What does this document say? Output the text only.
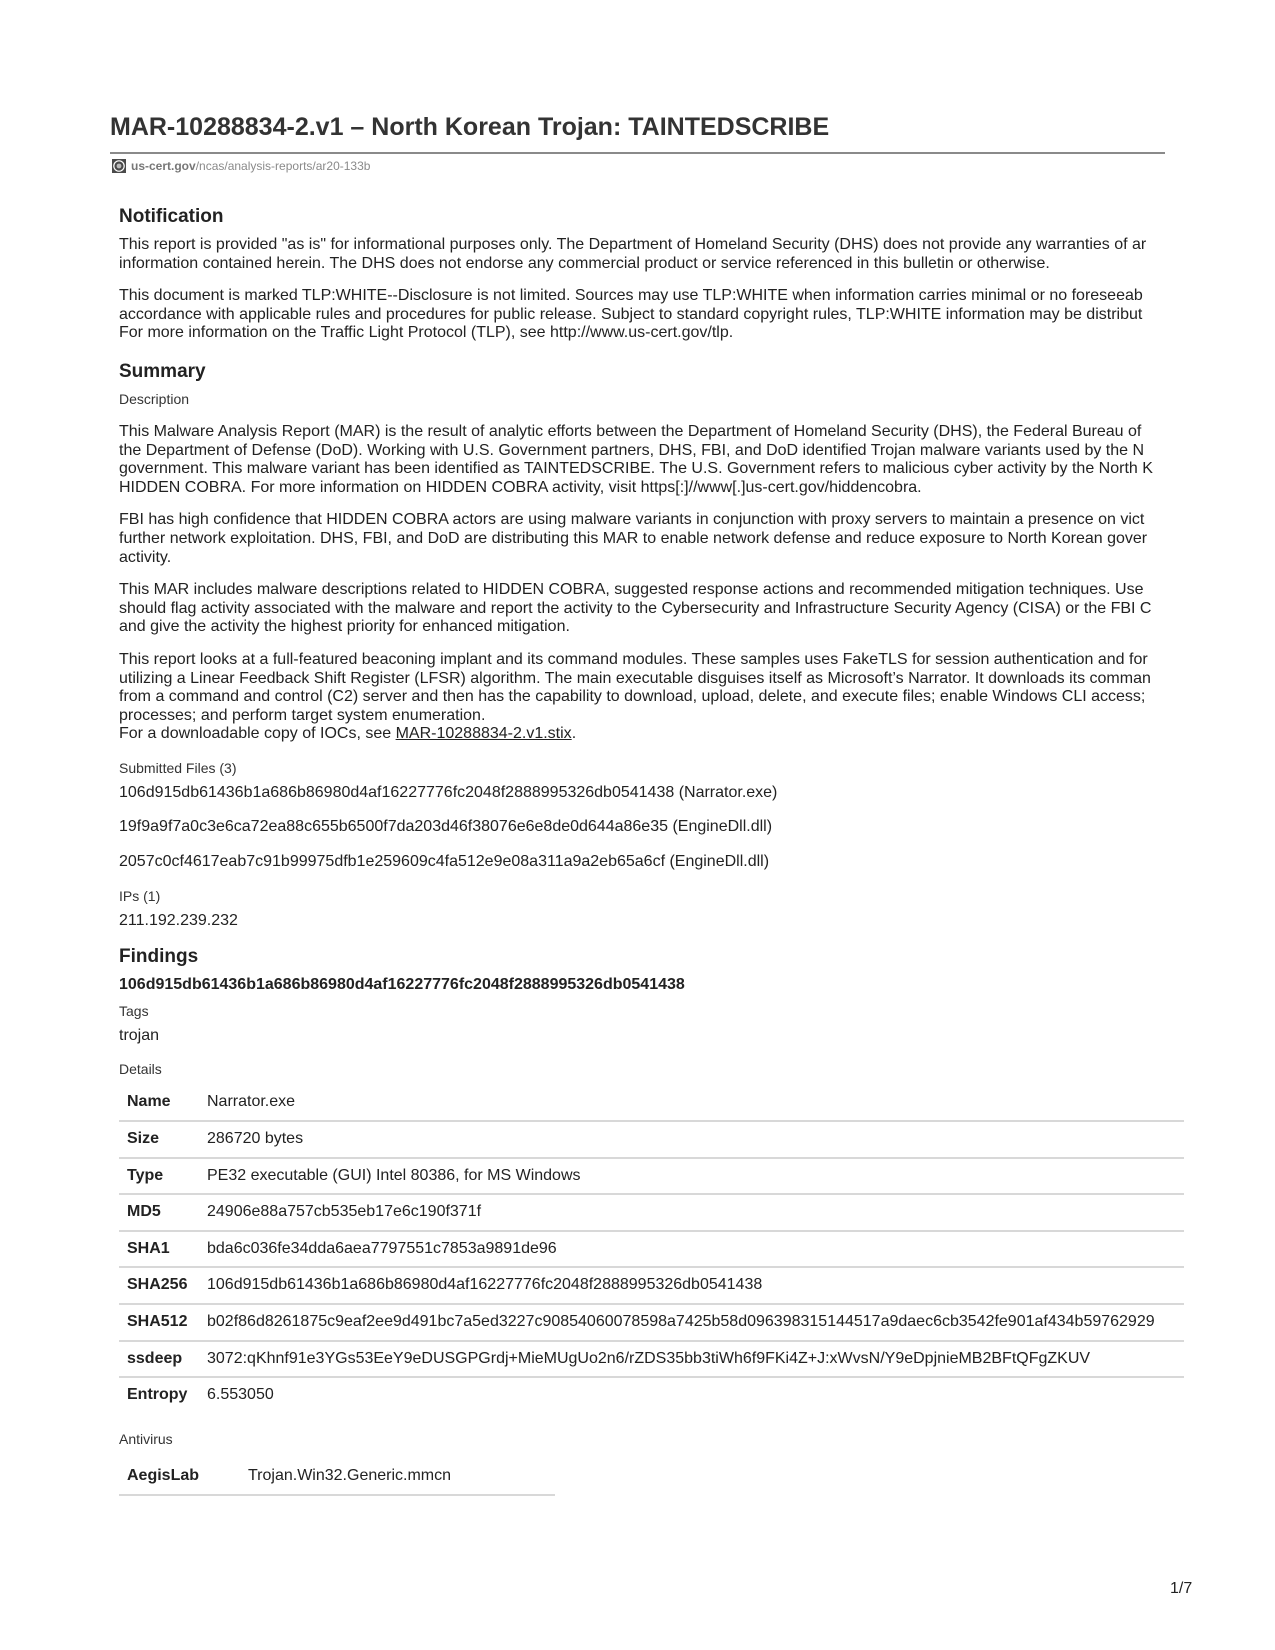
MAR-10288834-2.v1 – North Korean Trojan: TAINTEDSCRIBE
us-cert.gov /ncas/analysis-reports/ar20-133b
Notification

This report is provided "as is" for informational purposes only. The Department of Homeland Security (DHS) does not provide any warranties of ar
information contained herein. The DHS does not endorse any commercial product or service referenced in this bulletin or otherwise.

This document is marked TLP:WHITE--Disclosure is not limited. Sources may use TLP:WHITE when information carries minimal or no foreseeab
accordance with applicable rules and procedures for public release. Subject to standard copyright rules, TLP:WHITE information may be distribut
For more information on the Traffic Light Protocol (TLP), see http://www.us-cert.gov/tlp.

Summary
Description

This Malware Analysis Report (MAR) is the result of analytic efforts between the Department of Homeland Security (DHS), the Federal Bureau of
the Department of Defense (DoD). Working with U.S. Government partners, DHS, FBI, and DoD identified Trojan malware variants used by the N
government. This malware variant has been identified as TAINTEDSCRIBE. The U.S. Government refers to malicious cyber activity by the North K
HIDDEN COBRA. For more information on HIDDEN COBRA activity, visit https[:]//www[.]us-cert.gov/hiddencobra.

FBI has high confidence that HIDDEN COBRA actors are using malware variants in conjunction with proxy servers to maintain a presence on vict
further network exploitation. DHS, FBI, and DoD are distributing this MAR to enable network defense and reduce exposure to North Korean gover
activity.

This MAR includes malware descriptions related to HIDDEN COBRA, suggested response actions and recommended mitigation techniques. Use
should flag activity associated with the malware and report the activity to the Cybersecurity and Infrastructure Security Agency (CISA) or the FBI C
and give the activity the highest priority for enhanced mitigation.

This report looks at a full-featured beaconing implant and its command modules. These samples uses FakeTLS for session authentication and for
utilizing a Linear Feedback Shift Register (LFSR) algorithm. The main executable disguises itself as Microsoft’s Narrator. It downloads its comman
from a command and control (C2) server and then has the capability to download, upload, delete, and execute files; enable Windows CLI access;
processes; and perform target system enumeration.
For a downloadable copy of IOCs, see MAR-10288834-2.v1.stix.

Submitted Files (3)
106d915db61436b1a686b86980d4af16227776fc2048f2888995326db0541438 (Narrator.exe)
19f9a9f7a0c3e6ca72ea88c655b6500f7da203d46f38076e6e8de0d644a86e35 (EngineDll.dll)
2057c0cf4617eab7c91b99975dfb1e259609c4fa512e9e08a311a9a2eb65a6cf (EngineDll.dll)
IPs (1)
211.192.239.232
Findings
106d915db61436b1a686b86980d4af16227776fc2048f2888995326db0541438
Tags
trojan
Details
Name	Narrator.exe
Size	286720 bytes
Type	PE32 executable (GUI) Intel 80386, for MS Windows
MD5	24906e88a757cb535eb17e6c190f371f
SHA1	bda6c036fe34dda6aea7797551c7853a9891de96
SHA256	106d915db61436b1a686b86980d4af16227776fc2048f2888995326db0541438
SHA512	b02f86d8261875c9eaf2ee9d491bc7a5ed3227c90854060078598a7425b58d096398315144517a9daec6cb3542fe901af434b59762929
ssdeep	3072:qKhnf91e3YGs53EeY9eDUSGPGrdj+MieMUgUo2n6/rZDS35bb3tiWh6f9FKi4Z+J:xWvsN/Y9eDpjnieMB2BFtQFgZKUV
Entropy	6.553050
Antivirus
AegisLab	Trojan.Win32.Generic.mmcn
1/7
